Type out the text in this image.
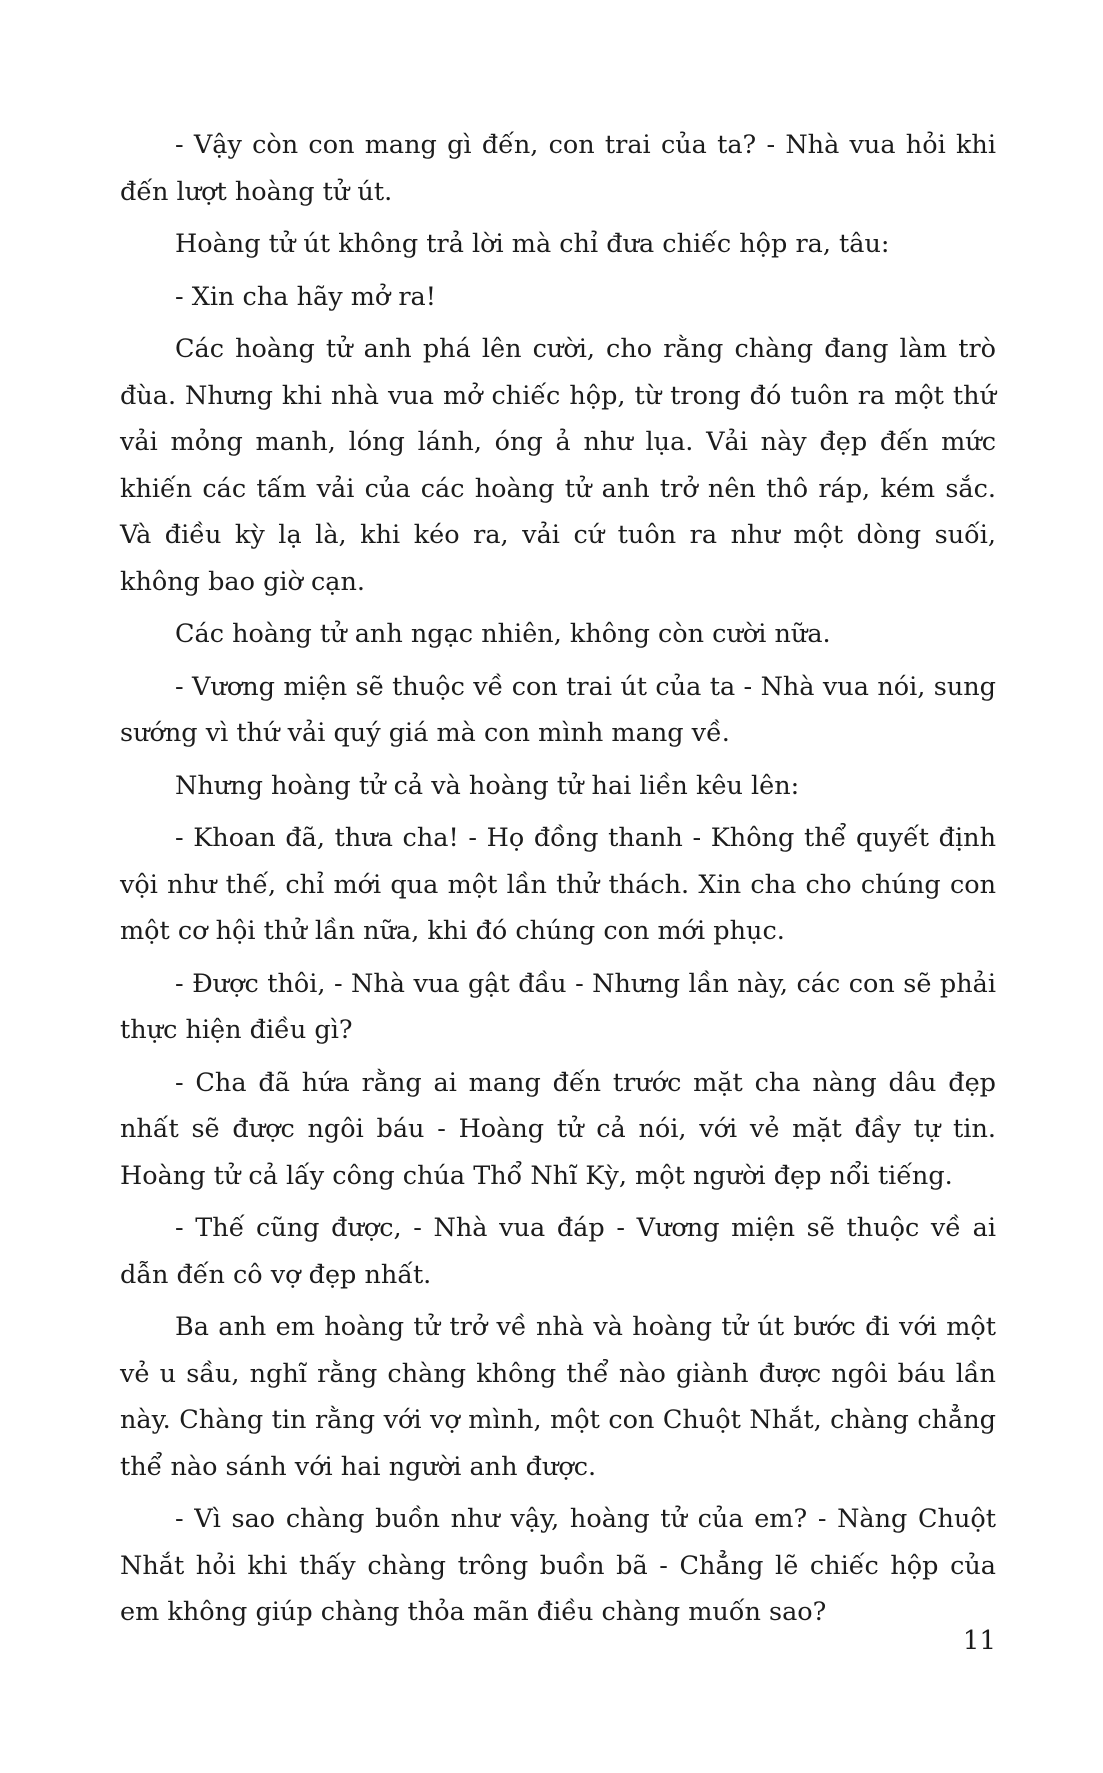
- Vậy còn con mang gì đến, con trai của ta? - Nhà vua hỏi khi đến lượt hoàng tử út.

Hoàng tử út không trả lời mà chỉ đưa chiếc hộp ra, tâu:

- Xin cha hãy mở ra!

Các hoàng tử anh phá lên cười, cho rằng chàng đang làm trò đùa. Nhưng khi nhà vua mở chiếc hộp, từ trong đó tuôn ra một thứ vải mỏng manh, lóng lánh, óng ả như lụa. Vải này đẹp đến mức khiến các tấm vải của các hoàng tử anh trở nên thô ráp, kém sắc. Và điều kỳ lạ là, khi kéo ra, vải cứ tuôn ra như một dòng suối, không bao giờ cạn.

Các hoàng tử anh ngạc nhiên, không còn cười nữa.

- Vương miện sẽ thuộc về con trai út của ta - Nhà vua nói, sung sướng vì thứ vải quý giá mà con mình mang về.

Nhưng hoàng tử cả và hoàng tử hai liền kêu lên:

- Khoan đã, thưa cha! - Họ đồng thanh - Không thể quyết định vội như thế, chỉ mới qua một lần thử thách. Xin cha cho chúng con một cơ hội thử lần nữa, khi đó chúng con mới phục.

- Được thôi, - Nhà vua gật đầu - Nhưng lần này, các con sẽ phải thực hiện điều gì?

- Cha đã hứa rằng ai mang đến trước mặt cha nàng dâu đẹp nhất sẽ được ngôi báu - Hoàng tử cả nói, với vẻ mặt đầy tự tin. Hoàng tử cả lấy công chúa Thổ Nhĩ Kỳ, một người đẹp nổi tiếng.

- Thế cũng được, - Nhà vua đáp - Vương miện sẽ thuộc về ai dẫn đến cô vợ đẹp nhất.

Ba anh em hoàng tử trở về nhà và hoàng tử út bước đi với một vẻ u sầu, nghĩ rằng chàng không thể nào giành được ngôi báu lần này. Chàng tin rằng với vợ mình, một con Chuột Nhắt, chàng chẳng thể nào sánh với hai người anh được.

- Vì sao chàng buồn như vậy, hoàng tử của em? - Nàng Chuột Nhắt hỏi khi thấy chàng trông buồn bã - Chẳng lẽ chiếc hộp của em không giúp chàng thỏa mãn điều chàng muốn sao?

11
